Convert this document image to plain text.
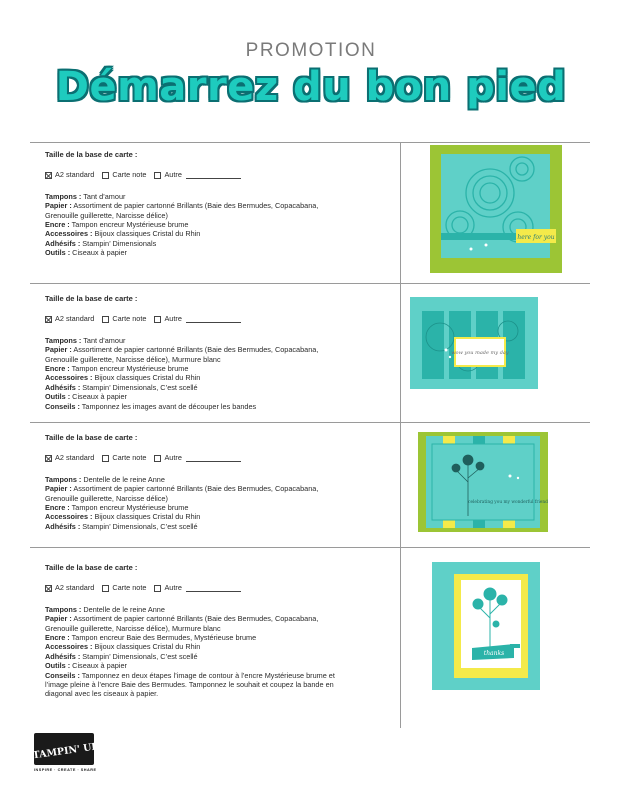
PROMOTION
Démarrez du bon pied
Taille de la base de carte :
A2 standard Carte note Autre
Tampons : Tant d’amour
Papier : Assortiment de papier cartonné Brillants (Baie des Bermudes, Copacabana,
Grenouille guillerette, Narcisse délice)
Encre : Tampon encreur Mystérieuse brume
Accessoires : Bijoux classiques Cristal du Rhin
Adhésifs : Stampin’ Dimensionals
Outils : Ciseaux à papier
Taille de la base de carte :
A2 standard Carte note Autre
Tampons : Tant d’amour
Papier : Assortiment de papier cartonné Brillants (Baie des Bermudes, Copacabana,
Grenouille guillerette, Narcisse délice), Murmure blanc
Encre : Tampon encreur Mystérieuse brume
Accessoires : Bijoux classiques Cristal du Rhin
Adhésifs : Stampin’ Dimensionals, C’est scellé
Outils : Ciseaux à papier
Conseils : Tamponnez les images avant de découper les bandes
Taille de la base de carte :
A2 standard Carte note Autre
Tampons : Dentelle de le reine Anne
Papier : Assortiment de papier cartonné Brillants (Baie des Bermudes, Copacabana,
Grenouille guillerette, Narcisse délice)
Encre : Tampon encreur Mystérieuse brume
Accessoires : Bijoux classiques Cristal du Rhin
Adhésifs : Stampin’ Dimensionals, C’est scellé
Taille de la base de carte :
A2 standard Carte note Autre
Tampons : Dentelle de le reine Anne
Papier : Assortiment de papier cartonné Brillants (Baie des Bermudes, Copacabana,
Grenouille guillerette, Narcisse délice), Murmure blanc
Encre : Tampon encreur Baie des Bermudes, Mystérieuse brume
Accessoires : Bijoux classiques Cristal du Rhin
Adhésifs : Stampin’ Dimensionals, C’est scellé
Outils : Ciseaux à papier
Conseils : Tamponnez en deux étapes l’image de contour à l’encre Mystérieuse brume et
l’image pleine à l’encre Baie des Bermudes. Tamponnez le souhait et coupez la bande en
diagonal avec les ciseaux à papier.
here for you
wow you made my day
celebrating you my wonderful friend
thanks
STAMPIN' UP!
INSPIRE · CREATE · SHARE
